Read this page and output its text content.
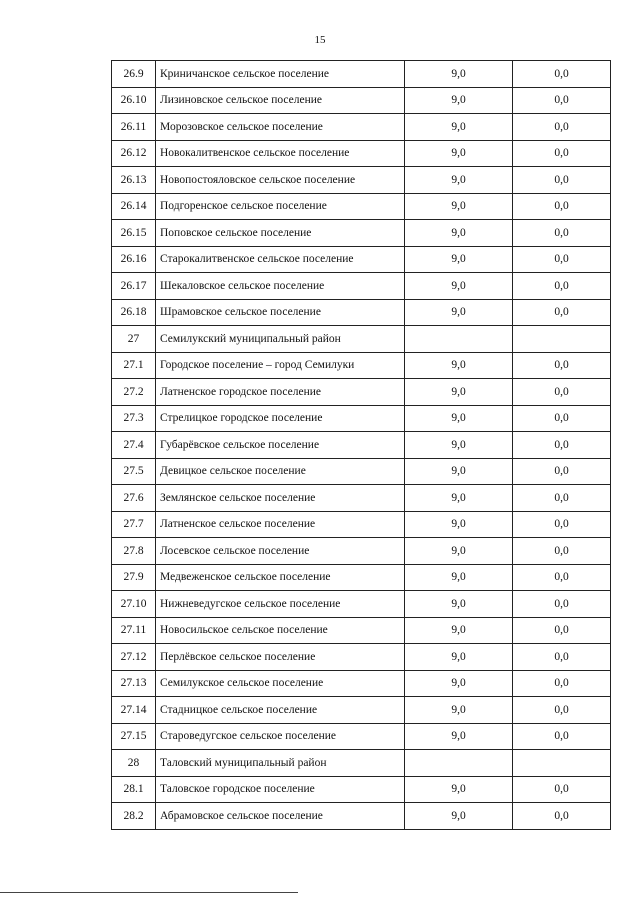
15
26.9	Криничанское сельское поселение	9,0	0,0
26.10	Лизиновское сельское поселение	9,0	0,0
26.11	Морозовское сельское поселение	9,0	0,0
26.12	Новокалитвенское сельское поселение	9,0	0,0
26.13	Новопостояловское сельское поселение	9,0	0,0
26.14	Подгоренское сельское поселение	9,0	0,0
26.15	Поповское сельское поселение	9,0	0,0
26.16	Старокалитвенское сельское поселение	9,0	0,0
26.17	Шекаловское сельское поселение	9,0	0,0
26.18	Шрамовское сельское поселение	9,0	0,0
27	Семилукский муниципальный район		
27.1	Городское поселение – город Семилуки	9,0	0,0
27.2	Латненское городское поселение	9,0	0,0
27.3	Стрелицкое городское поселение	9,0	0,0
27.4	Губарёвское сельское поселение	9,0	0,0
27.5	Девицкое сельское поселение	9,0	0,0
27.6	Землянское сельское поселение	9,0	0,0
27.7	Латненское сельское поселение	9,0	0,0
27.8	Лосевское сельское поселение	9,0	0,0
27.9	Медвеженское сельское поселение	9,0	0,0
27.10	Нижневедугское сельское поселение	9,0	0,0
27.11	Новосильское сельское поселение	9,0	0,0
27.12	Перлёвское сельское поселение	9,0	0,0
27.13	Семилукское сельское поселение	9,0	0,0
27.14	Стадницкое сельское поселение	9,0	0,0
27.15	Староведугское сельское поселение	9,0	0,0
28	Таловский муниципальный район		
28.1	Таловское городское поселение	9,0	0,0
28.2	Абрамовское сельское поселение	9,0	0,0
